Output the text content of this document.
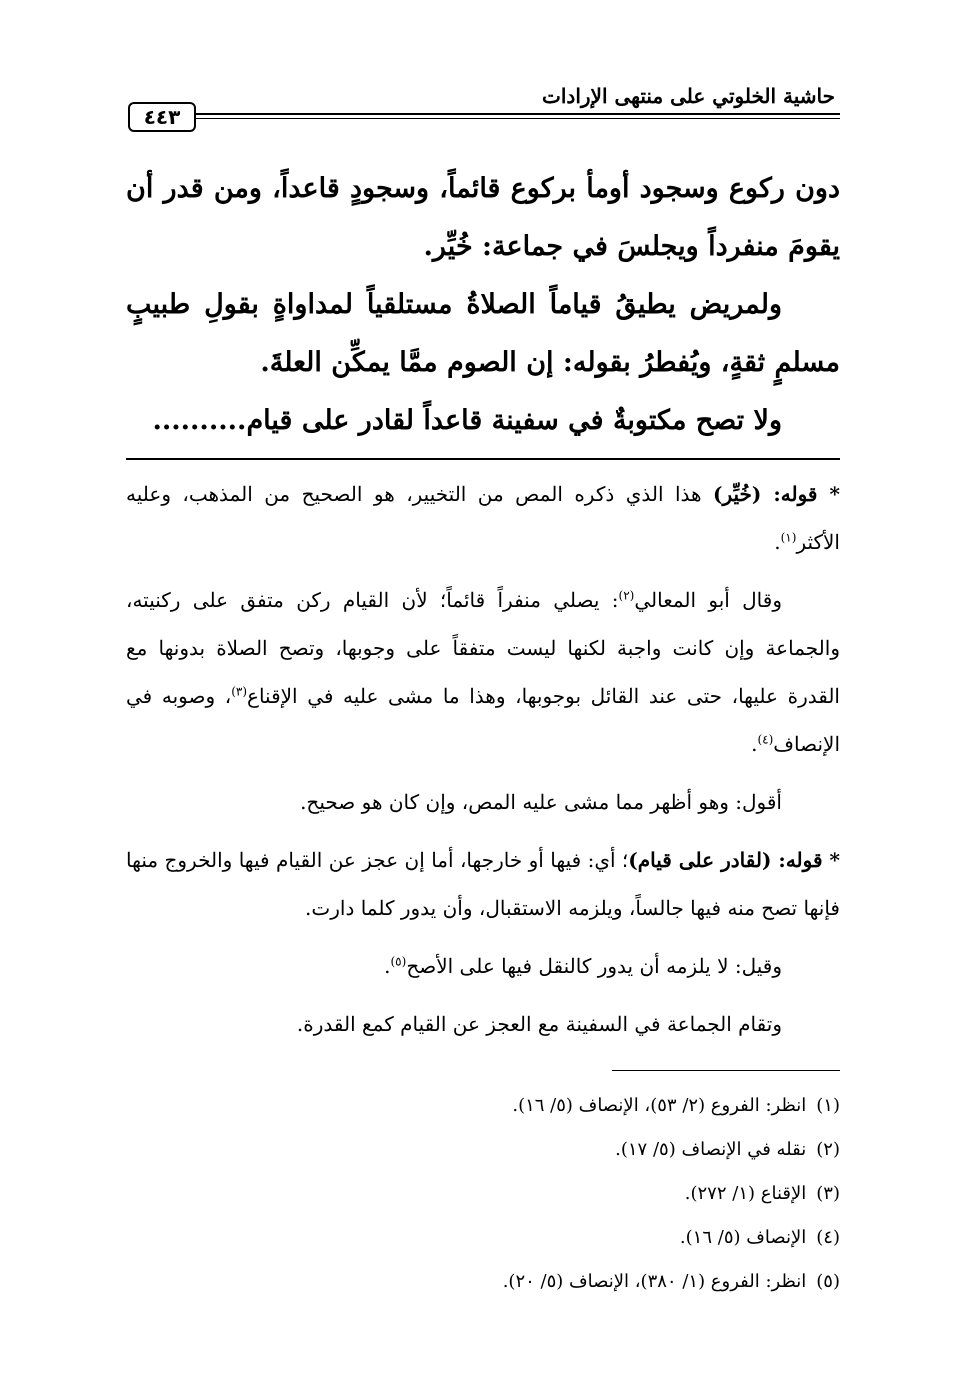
حاشية الخلوتي على منتهى الإرادات
٤٤٣

دون ركوع وسجود أومأ بركوع قائماً، وسجودٍ قاعداً، ومن قدر أن يقومَ منفرداً ويجلسَ في جماعة: خُيِّر.

ولمريض يطيقُ قياماً الصلاةُ مستلقياً لمداواةٍ بقولِ طبيبٍ مسلمٍ ثقةٍ، ويُفطرُ بقوله: إن الصوم ممَّا يمكِّن العلةَ.

ولا تصح مكتوبةٌ في سفينة قاعداً لقادر على قيام..........

* قوله: (خُيِّر) هذا الذي ذكره المص من التخيير، هو الصحيح من المذهب، وعليه الأكثر$^{(١)}$.

وقال أبو المعالي$^{(٢)}$: يصلي منفراً قائماً؛ لأن القيام ركن متفق على ركنيته، والجماعة وإن كانت واجبة لكنها ليست متفقاً على وجوبها، وتصح الصلاة بدونها مع القدرة عليها، حتى عند القائل بوجوبها، وهذا ما مشى عليه في الإقناع$^{(٣)}$، وصوبه في الإنصاف$^{(٤)}$.

أقول: وهو أظهر مما مشى عليه المص، وإن كان هو صحيح.

* قوله: (لقادر على قيام)؛ أي: فيها أو خارجها، أما إن عجز عن القيام فيها والخروج منها فإنها تصح منه فيها جالساً، ويلزمه الاستقبال، وأن يدور كلما دارت.

وقيل: لا يلزمه أن يدور كالنقل فيها على الأصح$^{(٥)}$.

وتقام الجماعة في السفينة مع العجز عن القيام كمع القدرة.

(١)انظر: الفروع (٢/ ٥٣)، الإنصاف (٥/ ١٦).
(٢)نقله في الإنصاف (٥/ ١٧).
(٣)الإقناع (١/ ٢٧٢).
(٤)الإنصاف (٥/ ١٦).
(٥)انظر: الفروع (١/ ٣٨٠)، الإنصاف (٥/ ٢٠).
